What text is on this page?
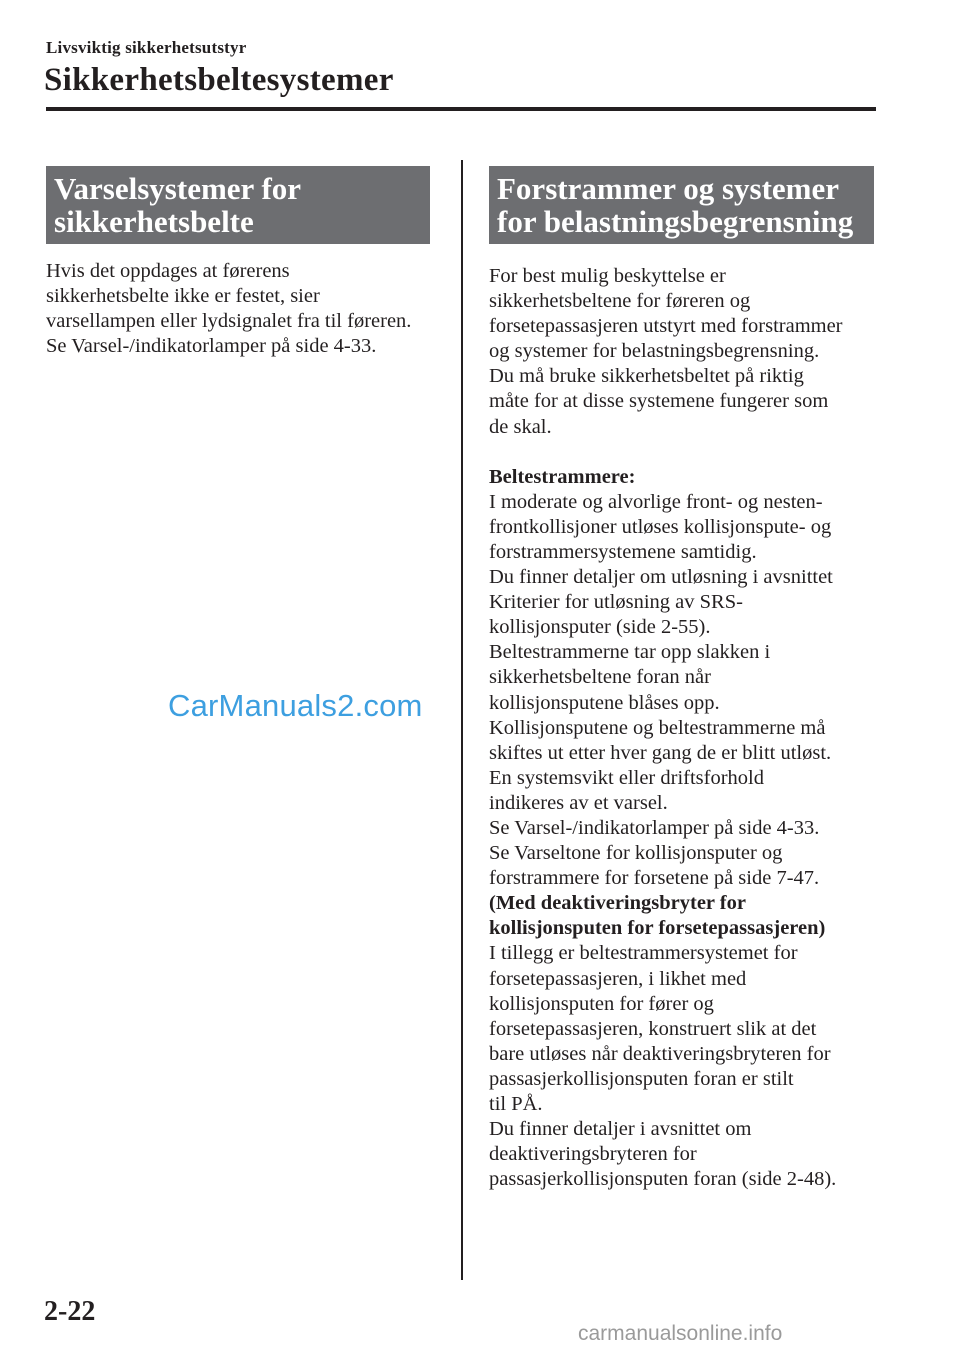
Livsviktig sikkerhetsutstyr
Sikkerhetsbeltesystemer
Varselsystemer for
sikkerhetsbelte

Hvis det oppdages at førerens

sikkerhetsbelte ikke er festet, sier

varsellampen eller lydsignalet fra til føreren.

Se Varsel-/indikatorlamper på side 4-33.

CarManuals2.com
Forstrammer og systemer
for belastningsbegrensning

For best mulig beskyttelse er

sikkerhetsbeltene for føreren og

forsetepassasjeren utstyrt med forstrammer

og systemer for belastningsbegrensning.

Du må bruke sikkerhetsbeltet på riktig

måte for at disse systemene fungerer som

de skal.

Beltestrammere:

I moderate og alvorlige front- og nesten-

frontkollisjoner utløses kollisjonspute- og

forstrammersystemene samtidig.

Du finner detaljer om utløsning i avsnittet

Kriterier for utløsning av SRS-

kollisjonsputer (side 2-55).

Beltestrammerne tar opp slakken i

sikkerhetsbeltene foran når

kollisjonsputene blåses opp.

Kollisjonsputene og beltestrammerne må

skiftes ut etter hver gang de er blitt utløst.

En systemsvikt eller driftsforhold

indikeres av et varsel.

Se Varsel-/indikatorlamper på side 4-33.

Se Varseltone for kollisjonsputer og

forstrammere for forsetene på side 7-47.

(Med deaktiveringsbryter for

kollisjonsputen for forsetepassasjeren)

I tillegg er beltestrammersystemet for

forsetepassasjeren, i likhet med

kollisjonsputen for fører og

forsetepassasjeren, konstruert slik at det

bare utløses når deaktiveringsbryteren for

passasjerkollisjonsputen foran er stilt

til PÅ.

Du finner detaljer i avsnittet om

deaktiveringsbryteren for

passasjerkollisjonsputen foran (side 2-48).

2-22
carmanualsonline.info
